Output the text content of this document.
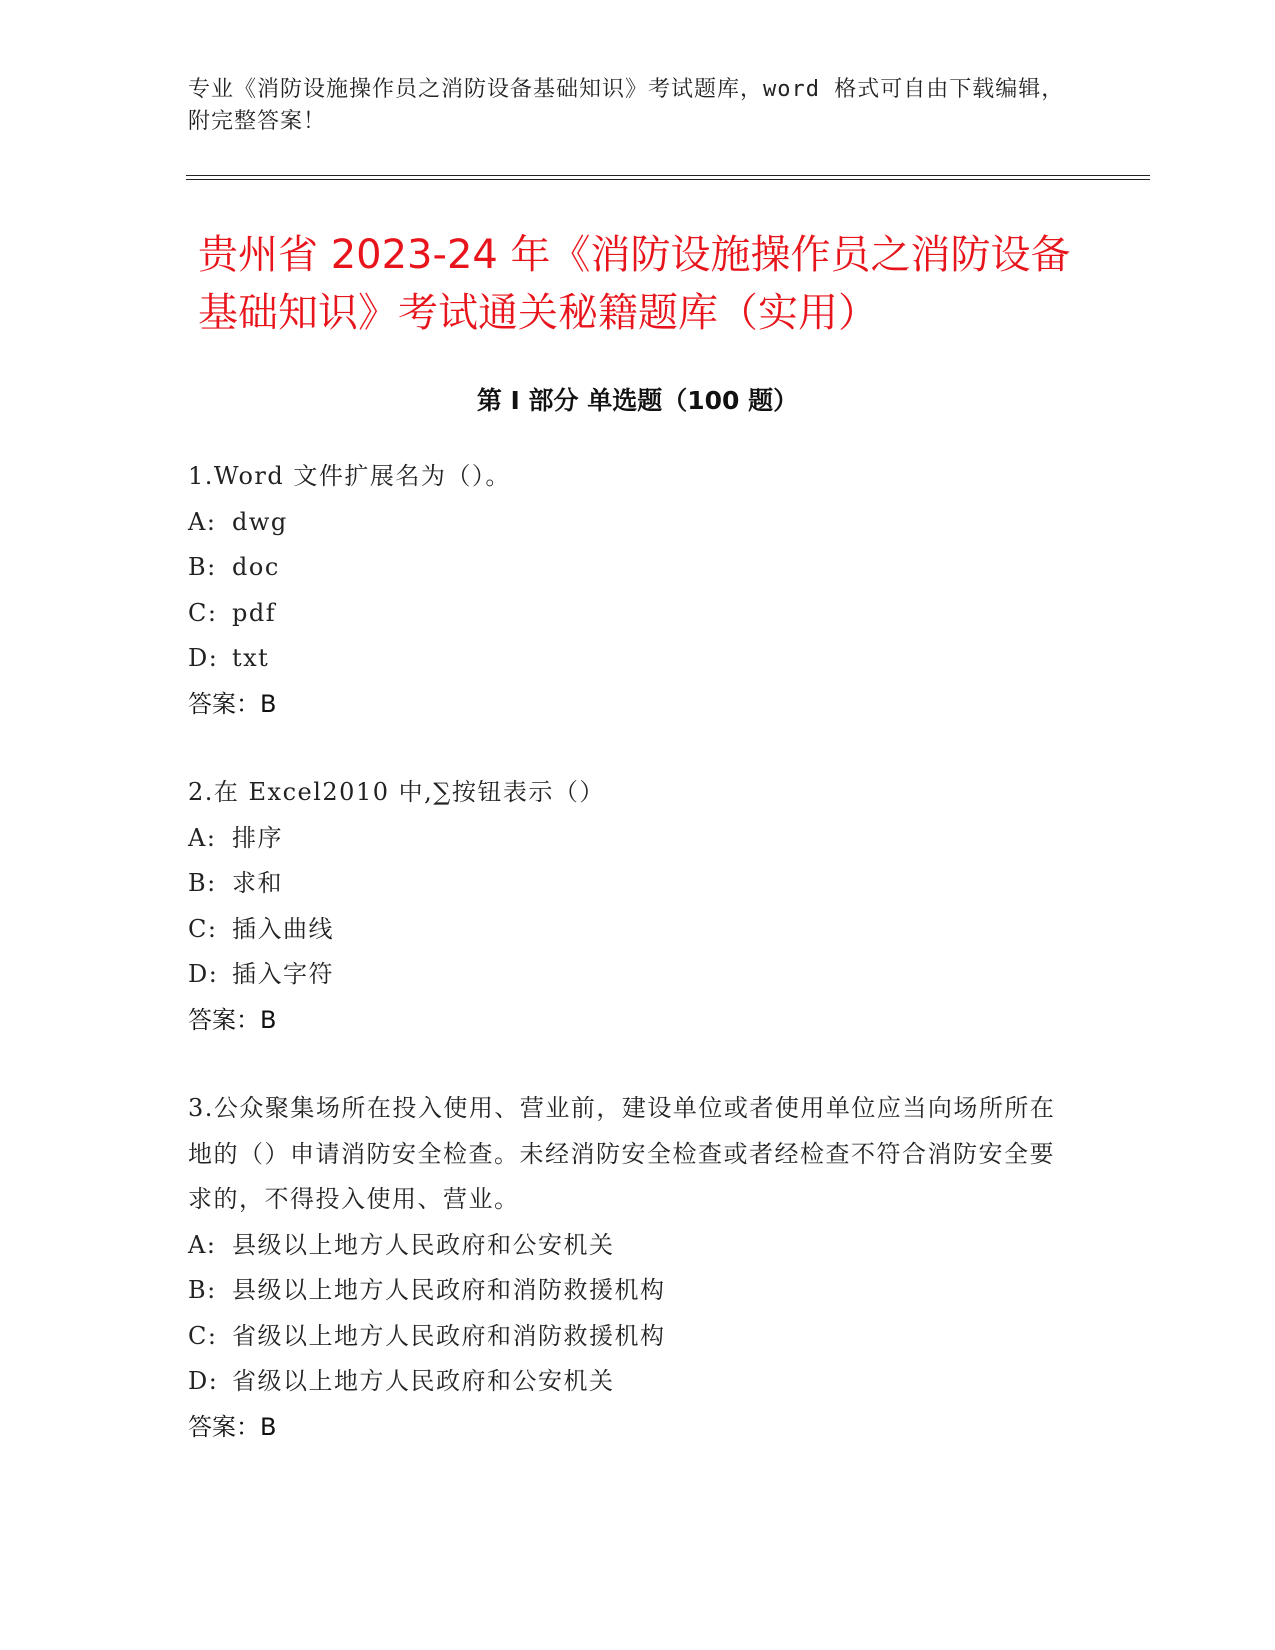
专业《消防设施操作员之消防设备基础知识》考试题库，word 格式可自由下载编辑，附完整答案！
贵州省 2023-24 年《消防设施操作员之消防设备基础知识》考试通关秘籍题库（实用）
第 I 部分 单选题（100 题）

1.Word 文件扩展名为（）。

A: dwg

B: doc

C: pdf

D: txt

答案：B

2.在 Excel2010 中,∑按钮表示（）

A: 排序

B: 求和

C: 插入曲线

D: 插入字符

答案：B

3.公众聚集场所在投入使用、营业前，建设单位或者使用单位应当向场所所在地的（）申请消防安全检查。未经消防安全检查或者经检查不符合消防安全要求的，不得投入使用、营业。

A: 县级以上地方人民政府和公安机关

B: 县级以上地方人民政府和消防救援机构

C: 省级以上地方人民政府和消防救援机构

D: 省级以上地方人民政府和公安机关

答案：B
